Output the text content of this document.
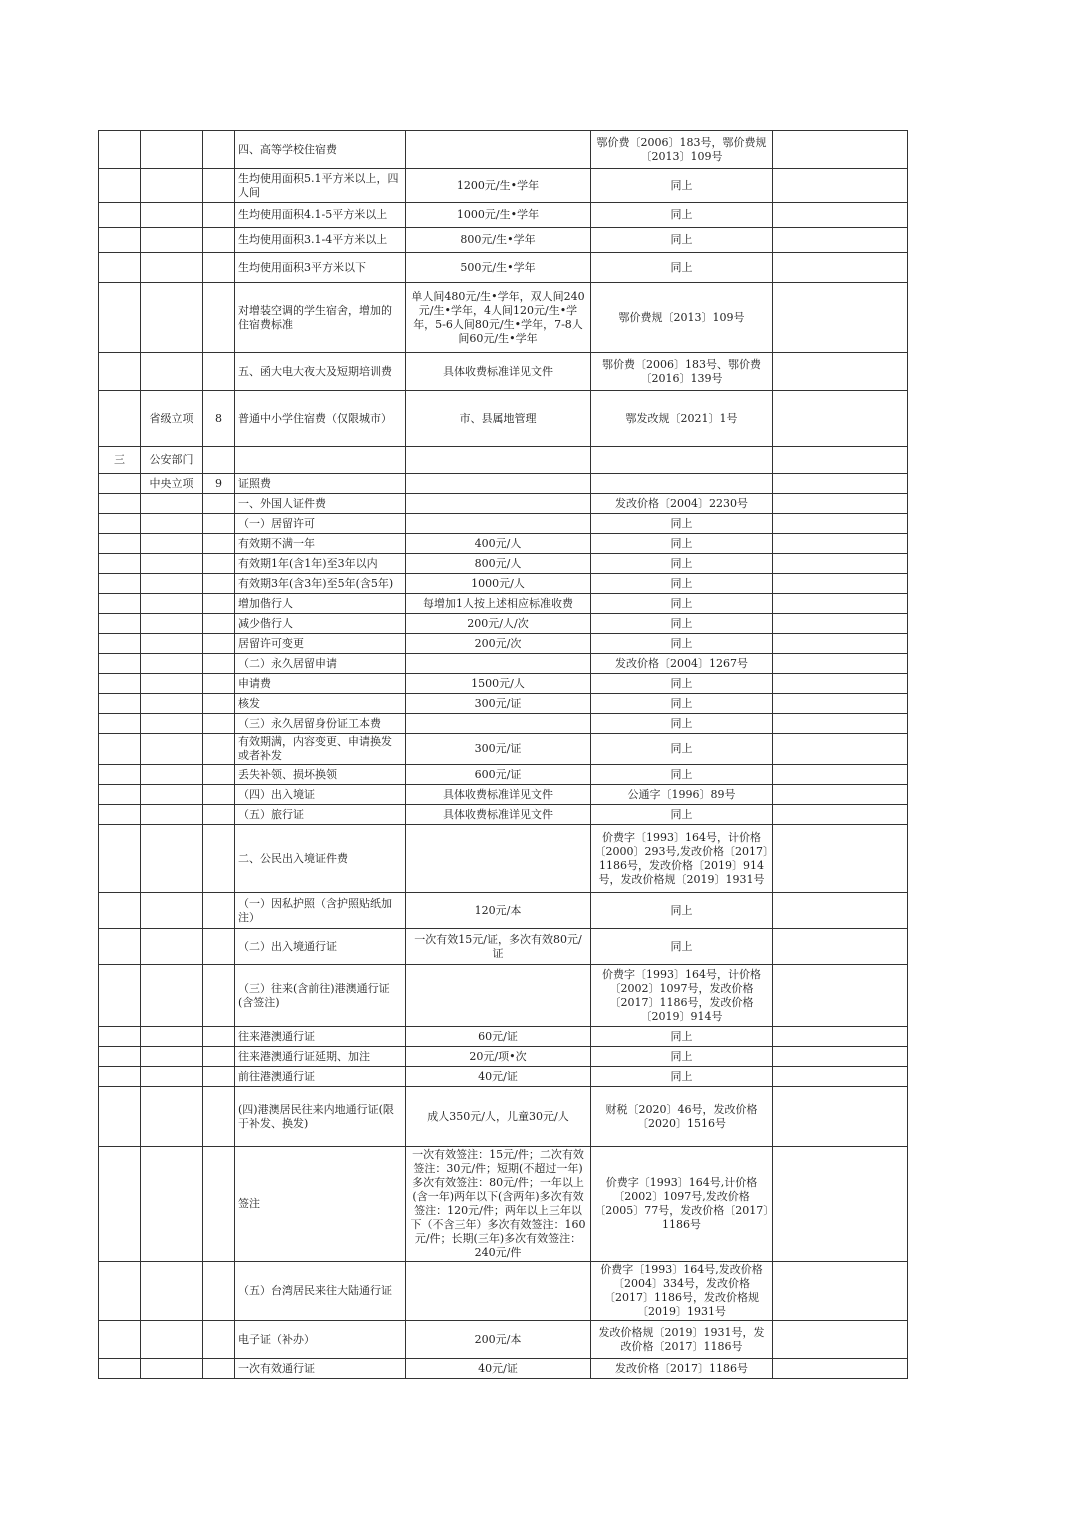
			四、高等学校住宿费		鄂价费〔2006〕183号，鄂价费规〔2013〕109号	
			生均使用面积5.1平方米以上，四人间	1200元/生•学年	同上	
			生均使用面积4.1-5平方米以上	1000元/生•学年	同上	
			生均使用面积3.1-4平方米以上	800元/生•学年	同上	
			生均使用面积3平方米以下	500元/生•学年	同上	
			对增装空调的学生宿舍，增加的住宿费标准	单人间480元/生•学年，双人间240元/生•学年，4人间120元/生•学年，5-6人间80元/生•学年，7-8人间60元/生•学年	鄂价费规〔2013〕109号	
			五、函大电大夜大及短期培训费	具体收费标准详见文件	鄂价费〔2006〕183号、鄂价费〔2016〕139号	
	省级立项	8	普通中小学住宿费（仅限城市）	市、县属地管理	鄂发改规〔2021〕1号	
三	公安部门					
	中央立项	9	证照费			
			一、外国人证件费		发改价格〔2004〕2230号	
			（一）居留许可		同上	
			有效期不满一年	400元/人	同上	
			有效期1年(含1年)至3年以内	800元/人	同上	
			有效期3年(含3年)至5年(含5年)	1000元/人	同上	
			增加偕行人	每增加1人按上述相应标准收费	同上	
			减少偕行人	200元/人/次	同上	
			居留许可变更	200元/次	同上	
			（二）永久居留申请		发改价格〔2004〕1267号	
			申请费	1500元/人	同上	
			核发	300元/证	同上	
			（三）永久居留身份证工本费		同上	
			有效期满，内容变更、申请换发或者补发	300元/证	同上	
			丢失补领、损坏换领	600元/证	同上	
			（四）出入境证	具体收费标准详见文件	公通字〔1996〕89号	
			（五）旅行证	具体收费标准详见文件	同上	
			二、公民出入境证件费		价费字〔1993〕164号，计价格〔2000〕293号,发改价格〔2017〕1186号，发改价格〔2019〕914号，发改价格规〔2019〕1931号	
			（一）因私护照（含护照贴纸加注）	120元/本	同上	
			（二）出入境通行证	一次有效15元/证，多次有效80元/证	同上	
			（三）往来(含前往)港澳通行证(含签注)		价费字〔1993〕164号，计价格〔2002〕1097号，发改价格〔2017〕1186号，发改价格〔2019〕914号	
			往来港澳通行证	60元/证	同上	
			往来港澳通行证延期、加注	20元/项•次	同上	
			前往港澳通行证	40元/证	同上	
			(四)港澳居民往来内地通行证(限于补发、换发)	成人350元/人，儿童30元/人	财税〔2020〕46号，发改价格〔2020〕1516号	
			签注	一次有效签注：15元/件；二次有效签注：30元/件；短期(不超过一年)多次有效签注：80元/件；一年以上(含一年)两年以下(含两年)多次有效签注：120元/件；两年以上三年以下（不含三年）多次有效签注：160元/件；长期(三年)多次有效签注：240元/件	价费字〔1993〕164号,计价格〔2002〕1097号,发改价格〔2005〕77号，发改价格〔2017〕1186号	
			（五）台湾居民来往大陆通行证		价费字〔1993〕164号,发改价格〔2004〕334号，发改价格〔2017〕1186号，发改价格规〔2019〕1931号	
			电子证（补办）	200元/本	发改价格规〔2019〕1931号，发改价格〔2017〕1186号	
			一次有效通行证	40元/证	发改价格〔2017〕1186号	
